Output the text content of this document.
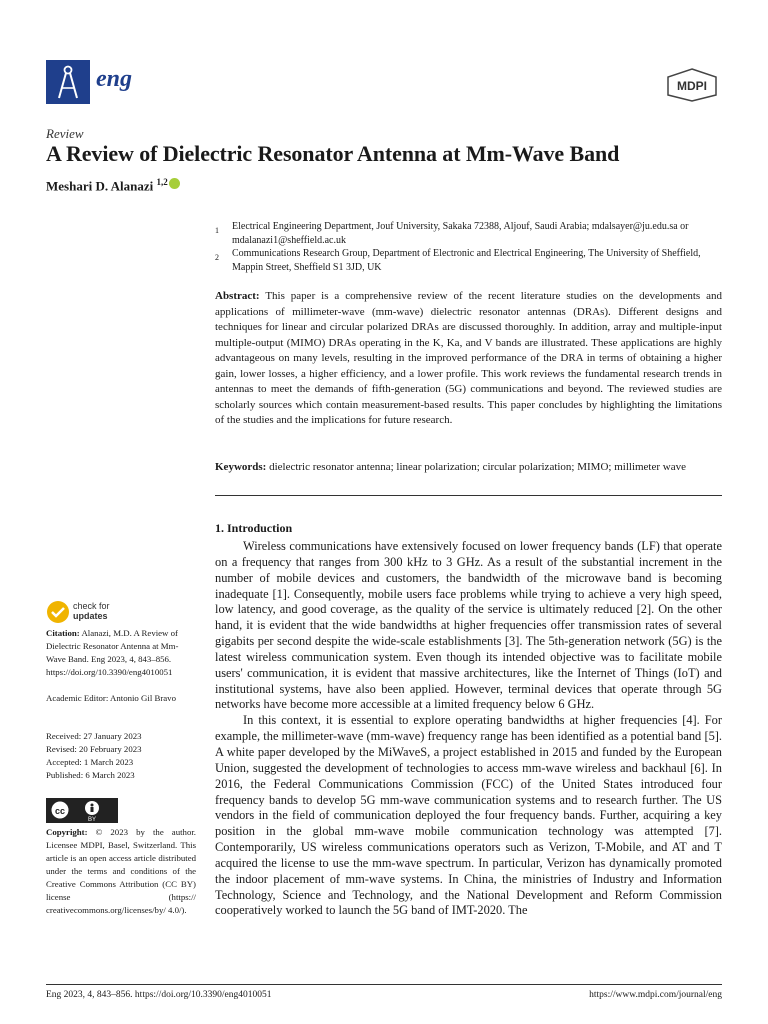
eng	MDPI
Review
A Review of Dielectric Resonator Antenna at Mm-Wave Band
Meshari D. Alanazi $^{1,2}$
1 Electrical Engineering Department, Jouf University, Sakaka 72388, Aljouf, Saudi Arabia; mdalsayer@ju.edu.sa or mdalanazi1@sheffield.ac.uk
2 Communications Research Group, Department of Electronic and Electrical Engineering, The University of Sheffield, Mappin Street, Sheffield S1 3JD, UK
Abstract: This paper is a comprehensive review of the recent literature studies on the developments and applications of millimeter-wave (mm-wave) dielectric resonator antennas (DRAs). Different designs and techniques for linear and circular polarized DRAs are discussed thoroughly. In addition, array and multiple-input multiple-output (MIMO) DRAs operating in the K, Ka, and V bands are illustrated. These applications are highly advantageous on many levels, resulting in the improved performance of the DRA in terms of obtaining a higher gain, lower losses, a higher efficiency, and a lower profile. This work reviews the fundamental research trends in antennas to meet the demands of fifth-generation (5G) communications and beyond. The reviewed studies are scholarly sources which contain measurement-based results. This paper concludes by highlighting the limitations of the studies and the implications for future research.
Keywords: dielectric resonator antenna; linear polarization; circular polarization; MIMO; millimeter wave
1. Introduction

Wireless communications have extensively focused on lower frequency bands (LF) that operate on a frequency that ranges from 300 kHz to 3 GHz. As a result of the substantial increment in the number of mobile devices and customers, the bandwidth of the microwave band is becoming inadequate [1]. Consequently, mobile users face problems while trying to achieve a very high speed, low latency, and good coverage, as the quality of the service is ultimately reduced [2]. On the other hand, it is evident that the wide bandwidths at higher frequencies offer transmission rates of several gigabits per second despite the wide-scale establishments [3]. The 5th-generation network (5G) is the latest wireless communication system. Even though its intended objective was to facilitate mobile users' communication, it is evident that massive architectures, like the Internet of Things (IoT) and institutional systems, have also been applied. However, terminal devices that operate through 5G networks have become more accessible at a limited frequency below 6 GHz.

In this context, it is essential to explore operating bandwidths at higher frequencies [4]. For example, the millimeter-wave (mm-wave) frequency range has been identified as a potential band [5]. A white paper developed by the MiWaveS, a project established in 2015 and funded by the European Union, suggested the development of technologies to access mm-wave wireless and backhaul [6]. In 2016, the Federal Communications Commission (FCC) of the United States introduced four frequency bands to develop 5G mm-wave communication systems and to research further. The US vendors in the field of communication deployed the four frequency bands. Further, acquiring a key position in the global mm-wave mobile communication technology was attempted [7]. Contemporarily, US wireless communications operators such as Verizon, T-Mobile, and AT and T acquired the license to use the mm-wave spectrum. In particular, Verizon has dynamically promoted the indoor placement of mm-wave systems. In China, the ministries of Industry and Information Technology, Science and Technology, and the National Development and Reform Commission cooperatively worked to launch the 5G band of IMT-2020. The

check for
updates
Citation: Alanazi, M.D. A Review of Dielectric Resonator Antenna at Mm-Wave Band. Eng 2023, 4, 843–856. https://doi.org/10.3390/eng4010051
Academic Editor: Antonio Gil Bravo
Received: 27 January 2023
Revised: 20 February 2023
Accepted: 1 March 2023
Published: 6 March 2023
cc
BY
Copyright: © 2023 by the author. Licensee MDPI, Basel, Switzerland. This article is an open access article distributed under the terms and conditions of the Creative Commons Attribution (CC BY) license (https:// creativecommons.org/licenses/by/ 4.0/).
Eng 2023, 4, 843–856. https://doi.org/10.3390/eng4010051	https://www.mdpi.com/journal/eng
